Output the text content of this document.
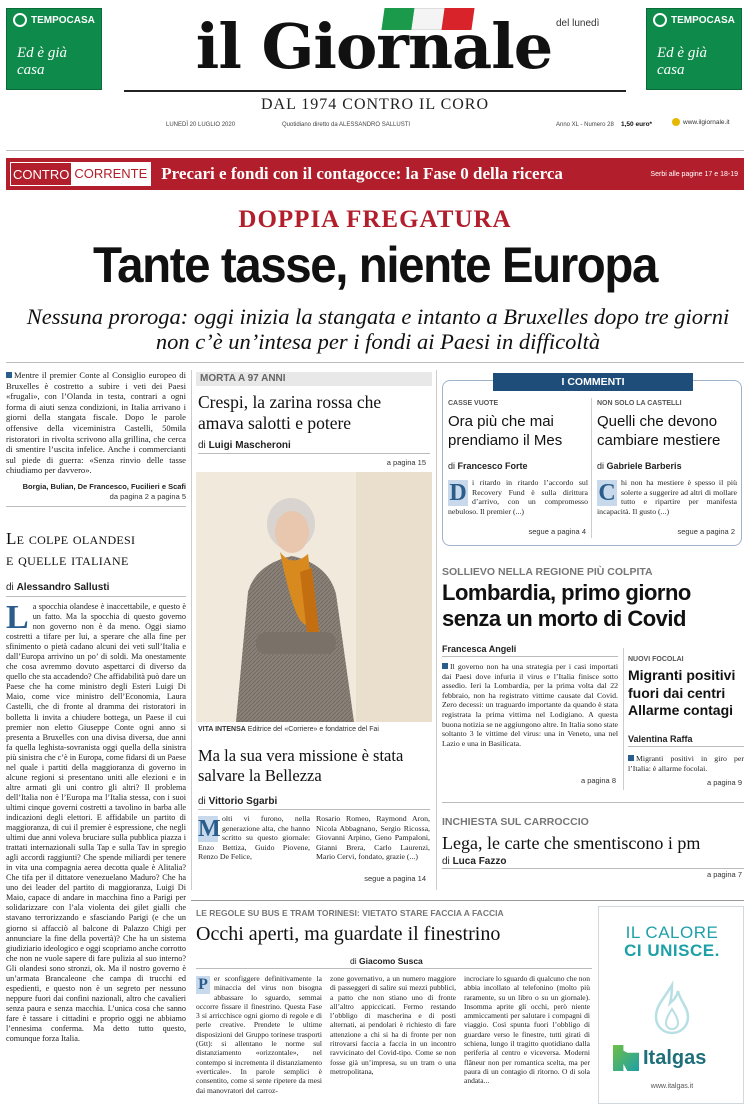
TEMPOCASA
Ed è già casa
TEMPOCASA
Ed è già casa
il Giornale del lunedì
DAL 1974 CONTRO IL CORO
LUNEDÌ 20 LUGLIO 2020	Quotidiano diretto da ALESSANDRO SALLUSTI	Anno XL - Numero 28 1,50 euro*	www.ilgiornale.it
CONTRO CORRENTE Precari e fondi con il contagocce: la Fase 0 della ricerca	Serbi alle pagine 17 e 18-19
DOPPIA FREGATURA
Tante tasse, niente Europa
Nessuna proroga: oggi inizia la stangata e intanto a Bruxelles dopo tre giorni non c’è un’intesa per i fondi ai Paesi in difficoltà
Mentre il premier Conte al Consiglio europeo di Bruxelles è costretto a subire i veti dei Paesi «frugali», con l’Olanda in testa, contrari a ogni forma di aiuti senza condizioni, in Italia arrivano i giorni della stangata fiscale. Dopo le parole offensive della viceministra Castelli, 50mila ristoratori in rivolta scrivono alla grillina, che cerca di smentire l’uscita infelice. Anche i commercianti sul piede di guerra: «Senza rinvio delle tasse chiudiamo per davvero».
Borgia, Bulian, De Francesco, Fucilieri e Scafi
da pagina 2 a pagina 5
Le colpe olandesi
e quelle italiane
di Alessandro Sallusti
La spocchia olandese è inaccettabile, e questo è un fatto. Ma la spocchia di questo governo non governo non è da meno. Oggi siamo costretti a tifare per lui, a sperare che alla fine per sfinimento o pietà cadano alcuni dei veti sull’Italia e dall’Europa arrivino un po’ di soldi. Ma onestamente che cosa avremmo dovuto aspettarci di diverso da quello che sta accadendo? Che affidabilità può dare un Paese che ha come ministro degli Esteri Luigi Di Maio, come vice ministro dell’Economia, Laura Castelli, che di fronte al dramma dei ristoratori in bolletta li invita a chiudere bottega, un Paese il cui premier non eletto Giuseppe Conte ogni anno si presenta a Bruxelles con una divisa diversa, due anni fa quella leghista-sovranista oggi quella della sinistra più sinistra che c’è in Europa, come fidarsi di un Paese nel quale i partiti della maggioranza di governo in alcune regioni si presentano uniti alle elezioni e in altre armati gli uni contro gli altri? Il problema dell’Italia non è l’Europa ma l’Italia stessa, con i suoi ultimi cinque governi costretti a tavolino in barba alle indicazioni degli elettori. E affidabile un partito di maggioranza, di cui il premier è espressione, che negli ultimi due anni voleva bruciare sulla pubblica piazza i trattati internazionali sulla Tap e sulla Tav in spregio agli accordi raggiunti? Che spende miliardi per tenere in vita una compagnia aerea decotta quale è Alitalia? Che tifa per il dittatore venezuelano Maduro? Che ha uno dei leader del partito di maggioranza, Luigi Di Maio, capace di andare in macchina fino a Parigi per solidarizzare con l’ala violenta dei gilet gialli che stavano terrorizzando e sfasciando Parigi (e che un giorno si affacciò al balcone di Palazzo Chigi per annunciare la fine della povertà)? Che ha un sistema giudiziario ideologico e oggi scopriamo anche corrotto che non ne vuole sapere di fare pulizia al suo interno? Gli olandesi sono stronzi, ok. Ma il nostro governo è un’armata Brancaleone che campa di trucchi ed espedienti, e questo non è un segreto per nessuno neppure fuori dai confini nazionali, altro che cavalieri senza paura e senza macchia. L’unica cosa che sanno fare è tassare i cittadini e proprio oggi ne abbiamo l’ennesima conferma. Ma detto tutto questo, comunque forza Italia.
MORTA A 97 ANNI
Crespi, la zarina rossa che amava salotti e potere
di Luigi Mascheroni
a pagina 15
VITA INTENSA Editrice del «Corriere» e fondatrice del Fai
Ma la sua vera missione è stata salvare la Bellezza
di Vittorio Sgarbi
M olti vi furono, nella generazione alta, che hanno scritto su questo giornale: Enzo Bettiza, Guido Piovene, Renzo De Felice,
Rosario Romeo, Raymond Aron, Nicola Abbagnano, Sergio Ricossa, Giovanni Arpino, Geno Pampaloni, Gianni Brera, Carlo Laurenzi, Mario Cervi, fondato, grazie (...)
segue a pagina 14
I COMMENTI
CASSE VUOTE
Ora più che mai prendiamo il Mes
di Francesco Forte
D i ritardo in ritardo l’accordo sul Recovery Fund è sulla dirittura d’arrivo, con un compromesso nebuloso. Il premier (...)
segue a pagina 4
NON SOLO LA CASTELLI
Quelli che devono cambiare mestiere
di Gabriele Barberis
C hi non ha mestiere è spesso il più solerte a suggerire ad altri di mollare tutto e ripartire per manifesta incapacità. Il gusto (...)
segue a pagina 2
SOLLIEVO NELLA REGIONE PIÙ COLPITA
Lombardia, primo giorno senza un morto di Covid
Francesca Angeli
Il governo non ha una strategia per i casi importati dai Paesi dove infuria il virus e l’Italia finisce sotto assedio. Ieri la Lombardia, per la prima volta dal 22 febbraio, non ha registrato vittime causate dal Covid. Zero decessi: un traguardo importante da quando è stata registrata la prima vittima nel Lodigiano. A questa buona notizia se ne aggiungono altre. In Italia sono state soltanto 3 le vittime del virus: una in Veneto, una nel Lazio e una in Basilicata.
a pagina 8
NUOVI FOCOLAI
Migranti positivi fuori dai centri Allarme contagi
Valentina Raffa
Migranti positivi in giro per l’Italia: è allarme focolai.
a pagina 9
INCHIESTA SUL CARROCCIO
Lega, le carte che smentiscono i pm
di Luca Fazzo
a pagina 7
LE REGOLE SU BUS E TRAM TORINESI: VIETATO STARE FACCIA A FACCIA
Occhi aperti, ma guardate il finestrino
di Giacomo Susca
P er sconfiggere definitivamente la minaccia del virus non bisogna abbassare lo sguardo, semmai occorre fissare il finestrino. Questa Fase 3 si arricchisce ogni giorno di regole e di perle creative. Prendete le ultime disposizioni del Gruppo torinese trasporti (Gtt): si allentano le norme sul distanziamento «orizzontale», nel contempo si incrementa il distanziamento «verticale». In parole semplici è consentito, come si sente ripetere da mesi dai manovratori del carroz-
zone governativo, a un numero maggiore di passeggeri di salire sui mezzi pubblici, a patto che non stiano uno di fronte all’altro appiccicati. Fermo restando l’obbligo di mascherina e di posti alternati, ai pendolari è richiesto di fare attenzione a chi si ha di fronte per non ritrovarsi faccia a faccia in un incontro ravvicinato del Covid-tipo. Come se non fosse già un’impresa, su un tram o una metropolitana,
incrociare lo sguardo di qualcuno che non abbia incollato al telefonino (molto più raramente, su un libro o su un giornale). Insomma aprite gli occhi, però niente ammiccamenti per salutare i compagni di viaggio. Così spunta fuori l’obbligo di guardare verso le finestre, tutti girati di schiena, lungo il tragitto quotidiano dalla periferia al centro e viceversa. Moderni flâneur non per romantica scelta, ma per paura di un contagio di ritorno. O di sola andata...
IL CALORE
CI UNISCE.
Italgas
www.italgas.it
